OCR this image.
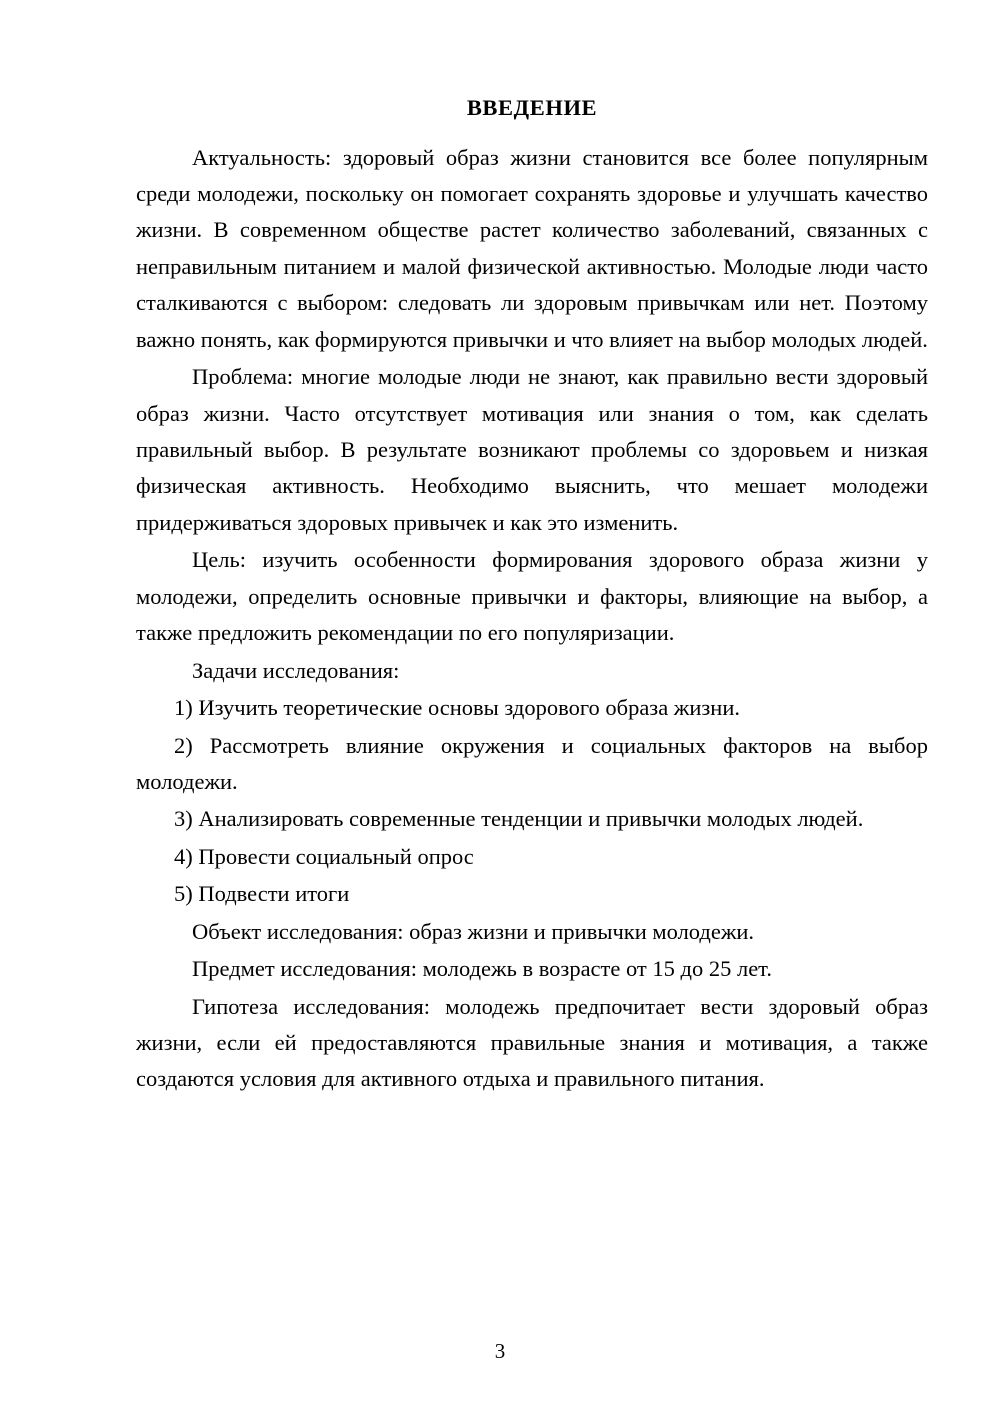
ВВЕДЕНИЕ

Актуальность: здоровый образ жизни становится все более популярным среди молодежи, поскольку он помогает сохранять здоровье и улучшать качество жизни. В современном обществе растет количество заболеваний, связанных с неправильным питанием и малой физической активностью. Молодые люди часто сталкиваются с выбором: следовать ли здоровым привычкам или нет. Поэтому важно понять, как формируются привычки и что влияет на выбор молодых людей.

Проблема: многие молодые люди не знают, как правильно вести здоровый образ жизни. Часто отсутствует мотивация или знания о том, как сделать правильный выбор. В результате возникают проблемы со здоровьем и низкая физическая активность. Необходимо выяснить, что мешает молодежи придерживаться здоровых привычек и как это изменить.

Цель: изучить особенности формирования здорового образа жизни у молодежи, определить основные привычки и факторы, влияющие на выбор, а также предложить рекомендации по его популяризации.

Задачи исследования:

1) Изучить теоретические основы здорового образа жизни.

2) Рассмотреть влияние окружения и социальных факторов на выбор молодежи.

3) Анализировать современные тенденции и привычки молодых людей.

4) Провести социальный опрос

5) Подвести итоги

Объект исследования: образ жизни и привычки молодежи.

Предмет исследования: молодежь в возрасте от 15 до 25 лет.

Гипотеза исследования: молодежь предпочитает вести здоровый образ жизни, если ей предоставляются правильные знания и мотивация, а также создаются условия для активного отдыха и правильного питания.

3
